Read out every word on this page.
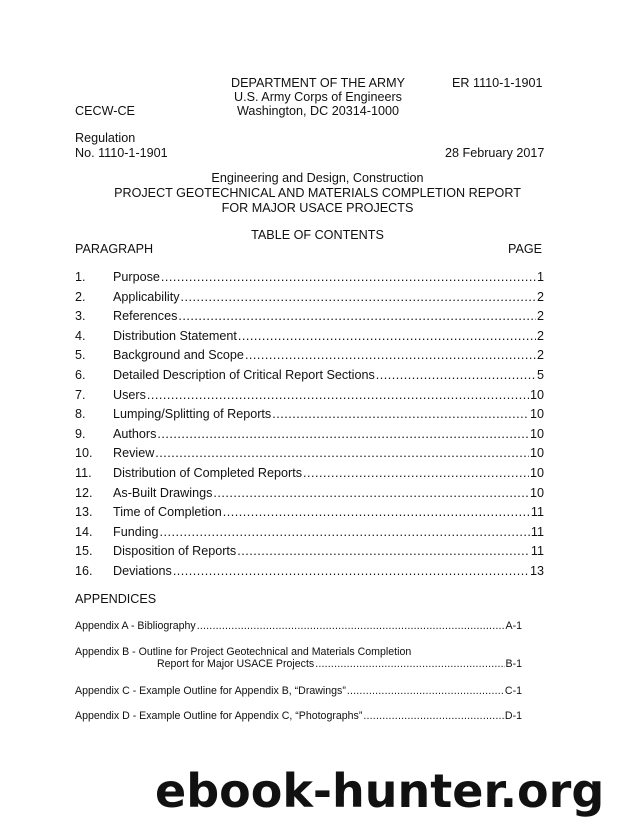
DEPARTMENT OF THE ARMY	ER 1110-1-1901
U.S. Army Corps of Engineers
Washington, DC 20314-1000
CECW-CE
Regulation
No. 1110-1-1901	28 February 2017
Engineering and Design, Construction
PROJECT GEOTECHNICAL AND MATERIALS COMPLETION REPORT
FOR MAJOR USACE PROJECTS
TABLE OF CONTENTS
PARAGRAPH	PAGE
1.	Purpose .....	1
2.	Applicability .....	2
3.	References .....	2
4.	Distribution Statement .....	2
5.	Background and Scope .....	2
6.	Detailed Description of Critical Report Sections .....	5
7.	Users .....	10
8.	Lumping/Splitting of Reports .....	10
9.	Authors .....	10
10.	Review .....	10
11.	Distribution of Completed Reports .....	10
12.	As-Built Drawings .....	10
13.	Time of Completion .....	11
14.	Funding .....	11
15.	Disposition of Reports .....	11
16.	Deviations .....	13
APPENDICES
Appendix A - Bibliography .....	A-1
Appendix B - Outline for Project Geotechnical and Materials Completion
Report for Major USACE Projects .....	B-1
Appendix C - Example Outline for Appendix B, “Drawings” .....	C-1
Appendix D - Example Outline for Appendix C, “Photographs” .....	D-1
ebook-hunter.org
